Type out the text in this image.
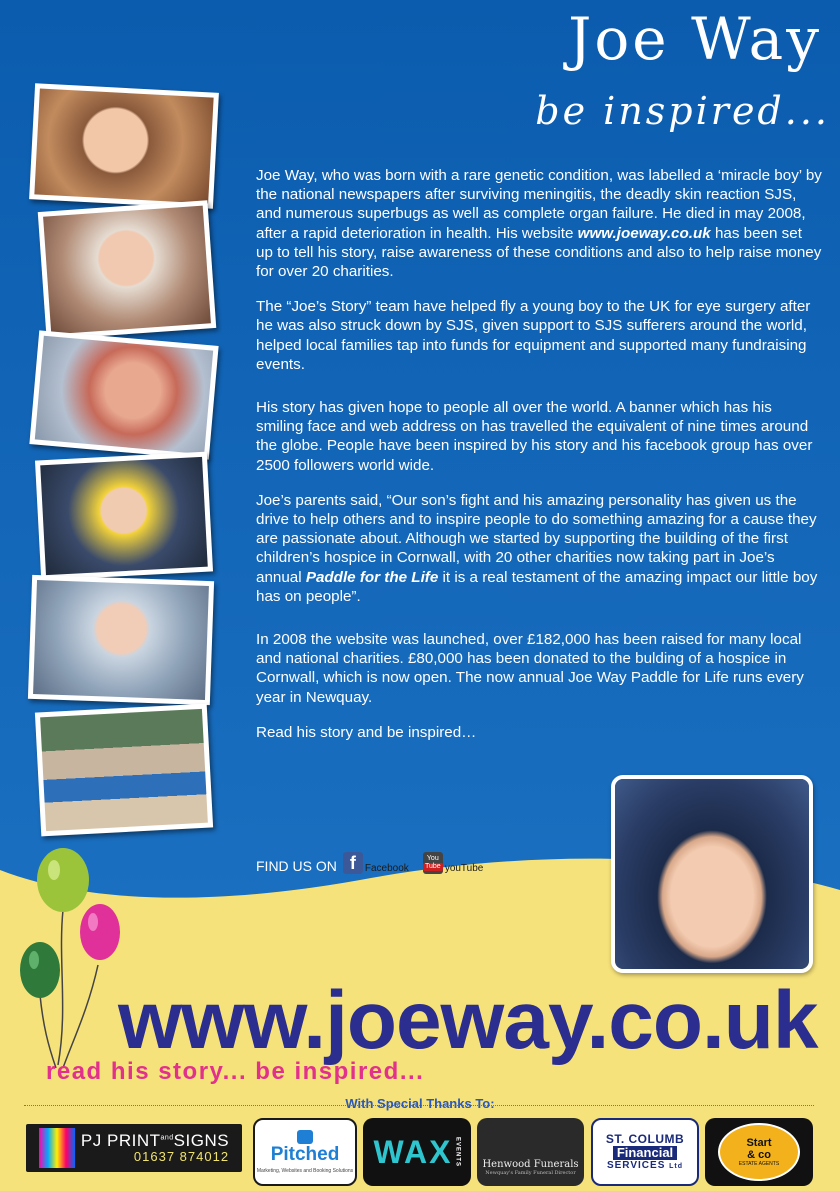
Joe Way
be inspired...

Joe Way, who was born with a rare genetic condition, was labelled a ‘miracle boy’ by the national newspapers after surviving meningitis, the deadly skin reaction SJS, and numerous superbugs as well as complete organ failure. He died in may 2008, after a rapid deterioration in health. His website www.joeway.co.uk has been set up to tell his story, raise awareness of these conditions and also to help raise money for over 20 charities.

The “Joe’s Story” team have helped fly a young boy to the UK for eye surgery after he was also struck down by SJS, given support to SJS sufferers around the world, helped local families tap into funds for equipment and supported many fundraising events.

His story has given hope to people all over the world. A banner which has his smiling face and web address on has travelled the equivalent of nine times around the globe. People have been inspired by his story and his facebook group has over 2500 followers world wide.

Joe’s parents said, “Our son’s fight and his amazing personality has given us the drive to help others and to inspire people to do something amazing for a cause they are passionate about. Although we started by supporting the building of the first children’s hospice in Cornwall, with 20 other charities now taking part in Joe’s annual Paddle for the Life it is a real testament of the amazing impact our little boy has on people”.

In 2008 the website was launched, over £182,000 has been raised for many local and national charities. £80,000 has been donated to the bulding of a hospice in Cornwall, which is now open. The now annual Joe Way Paddle for Life runs every year in Newquay.

Read his story and be inspired…

FIND US ON f Facebook
You
Tube youTube
www.joeway.co.uk
read his story... be inspired...
With Special Thanks To:
PJ $PRINT^{and}SIGNS$
01637 874012 Pitched
Marketing, Websites and Booking Solutions
WAX EVENTS Henwood Funerals
Newquay's Family Funeral Director
ST. COLUMB
Financial
SERVICES Ltd
Start
& co
ESTATE AGENTS
